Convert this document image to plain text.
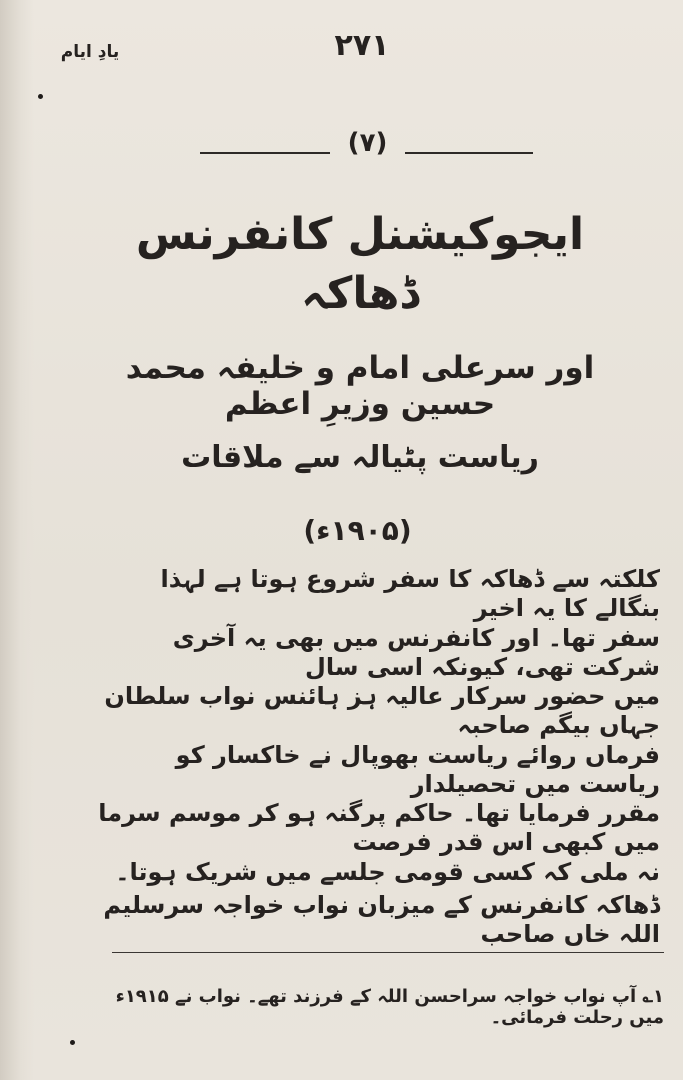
یادِ ایام	۲۷۱
(۷)
ایجوکیشنل کانفرنس ڈھاکہ
اور سرعلی امام و خلیفہ محمد حسین وزیرِ اعظم
ریاست پٹیالہ سے ملاقات
(۱۹۰۵ء)

کلکتہ سے ڈھاکہ کا سفر شروع ہوتا ہے لہذا بنگالے کا یہ اخیر

سفر تھا۔ اور کانفرنس میں بھی یہ آخری شرکت تھی، کیونکہ اسی سال

میں حضور سرکار عالیہ ہز ہائنس نواب سلطان جہاں بیگم صاحبہ

فرماں روائے ریاست بھوپال نے خاکسار کو ریاست میں تحصیلدار

مقرر فرمایا تھا۔ حاکم پرگنہ ہو کر موسم سرما میں کبھی اس قدر فرصت

نہ ملی کہ کسی قومی جلسے میں شریک ہوتا۔

ڈھاکہ کانفرنس کے میزبان نواب خواجہ سرسلیم اللہ خاں صاحب

۱؎ آپ نواب خواجہ سراحسن اللہ کے فرزند تھے۔ نواب نے ۱۹۱۵ء میں رحلت فرمائی۔
